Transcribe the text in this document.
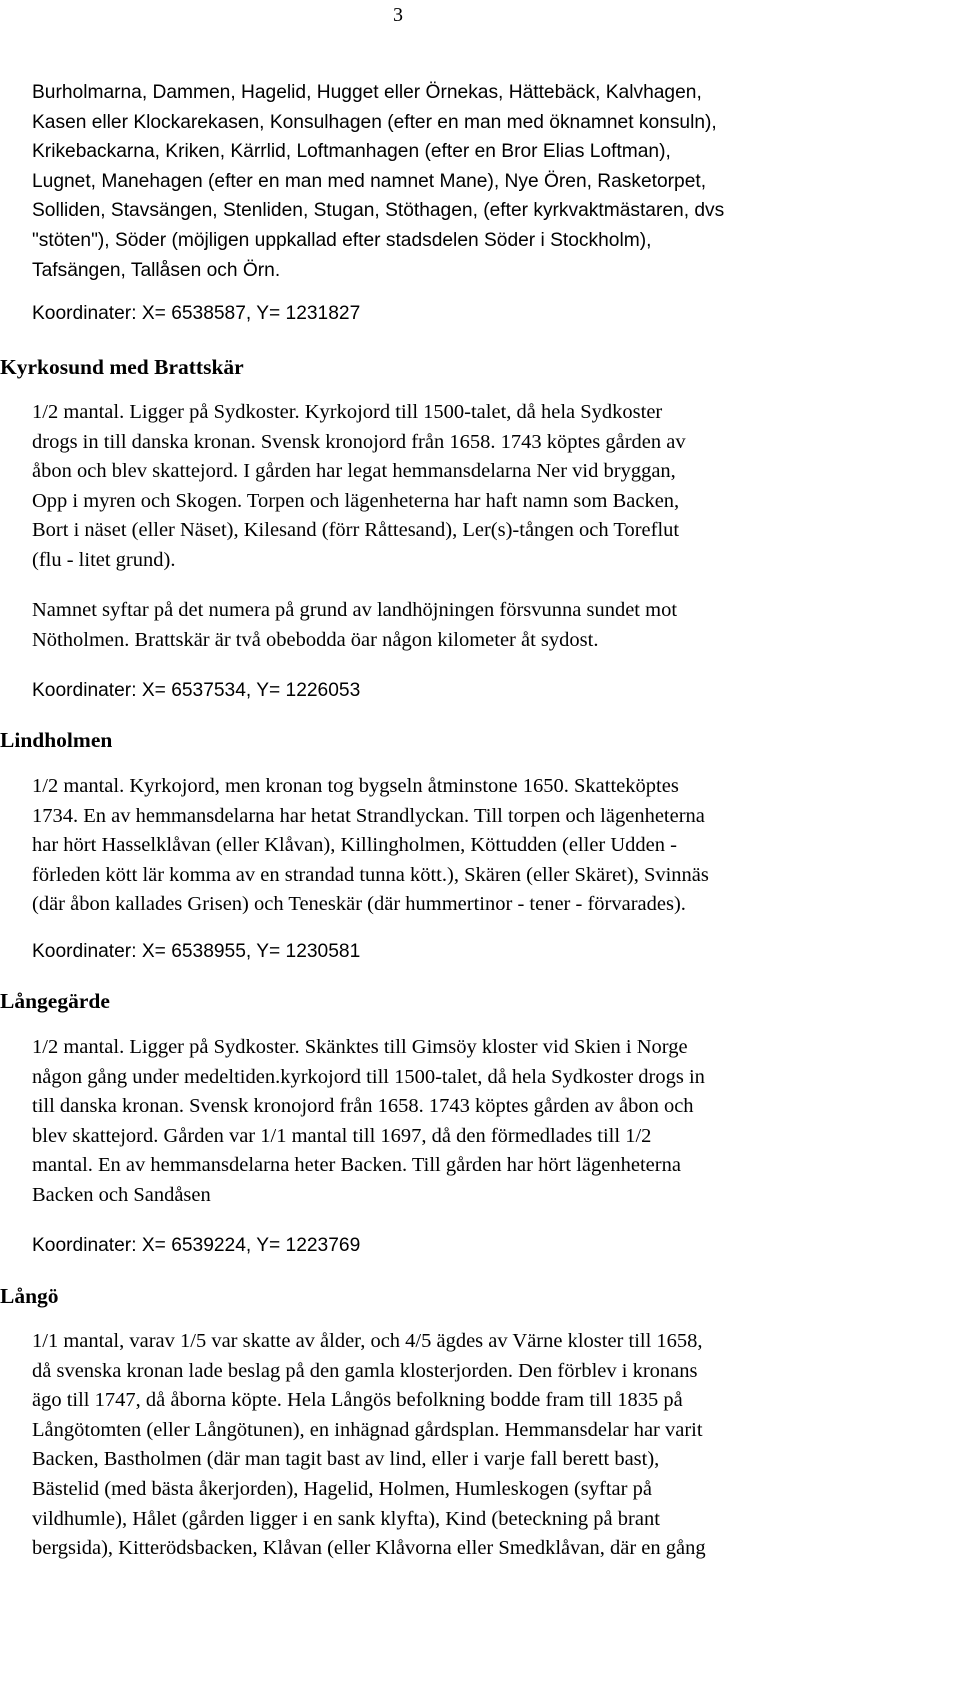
3
Burholmarna, Dammen, Hagelid, Hugget eller Örnekas, Hättebäck, Kalvhagen,
Kasen eller Klockarekasen, Konsulhagen (efter en man med öknamnet konsuln),
Krikebackarna, Kriken, Kärrlid, Loftmanhagen (efter en Bror Elias Loftman),
Lugnet, Manehagen (efter en man med namnet Mane), Nye Ören, Rasketorpet,
Solliden, Stavsängen, Stenliden, Stugan, Stöthagen, (efter kyrkvaktmästaren, dvs
"stöten"), Söder (möjligen uppkallad efter stadsdelen Söder i Stockholm),
Tafsängen, Tallåsen och Örn.
Koordinater: X= 6538587, Y= 1231827
Kyrkosund med Brattskär
1/2 mantal. Ligger på Sydkoster. Kyrkojord till 1500-talet, då hela Sydkoster
drogs in till danska kronan. Svensk kronojord från 1658. 1743 köptes gården av
åbon och blev skattejord. I gården har legat hemmansdelarna Ner vid bryggan,
Opp i myren och Skogen. Torpen och lägenheterna har haft namn som Backen,
Bort i näset (eller Näset), Kilesand (förr Råttesand), Ler(s)-tången och Toreflut
(flu - litet grund).
Namnet syftar på det numera på grund av landhöjningen försvunna sundet mot
Nötholmen. Brattskär är två obebodda öar någon kilometer åt sydost.
Koordinater: X= 6537534, Y= 1226053
Lindholmen
1/2 mantal. Kyrkojord, men kronan tog bygseln åtminstone 1650. Skatteköptes
1734. En av hemmansdelarna har hetat Strandlyckan. Till torpen och lägenheterna
har hört Hasselklåvan (eller Klåvan), Killingholmen, Köttudden (eller Udden -
förleden kött lär komma av en strandad tunna kött.), Skären (eller Skäret), Svinnäs
(där åbon kallades Grisen) och Teneskär (där hummertinor - tener - förvarades).
Koordinater: X= 6538955, Y= 1230581
Långegärde
1/2 mantal. Ligger på Sydkoster. Skänktes till Gimsöy kloster vid Skien i Norge
någon gång under medeltiden.kyrkojord till 1500-talet, då hela Sydkoster drogs in
till danska kronan. Svensk kronojord från 1658. 1743 köptes gården av åbon och
blev skattejord. Gården var 1/1 mantal till 1697, då den förmedlades till 1/2
mantal. En av hemmansdelarna heter Backen. Till gården har hört lägenheterna
Backen och Sandåsen
Koordinater: X= 6539224, Y= 1223769
Långö
1/1 mantal, varav 1/5 var skatte av ålder, och 4/5 ägdes av Värne kloster till 1658,
då svenska kronan lade beslag på den gamla klosterjorden. Den förblev i kronans
ägo till 1747, då åborna köpte. Hela Långös befolkning bodde fram till 1835 på
Långötomten (eller Långötunen), en inhägnad gårdsplan. Hemmansdelar har varit
Backen, Bastholmen (där man tagit bast av lind, eller i varje fall berett bast),
Bästelid (med bästa åkerjorden), Hagelid, Holmen, Humleskogen (syftar på
vildhumle), Hålet (gården ligger i en sank klyfta), Kind (beteckning på brant
bergsida), Kitterödsbacken, Klåvan (eller Klåvorna eller Smedklåvan, där en gång
